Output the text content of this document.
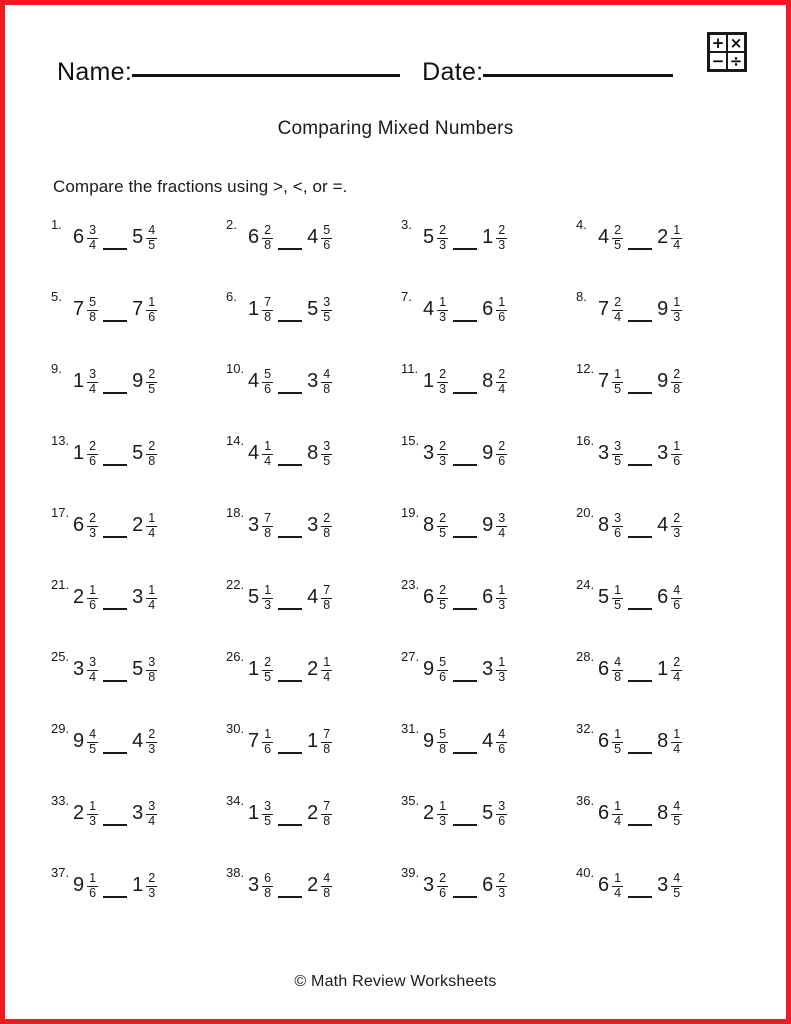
Name:	Date:
+ ×
− ÷
Comparing Mixed Numbers
Compare the fractions using >, <, or =.
1.
$6 \frac{3}{4} 5 \frac{4}{5}$	2.
$6 \frac{2}{8} 4 \frac{5}{6}$	3.
$5 \frac{2}{3} 1 \frac{2}{3}$	4.
$4 \frac{2}{5} 2 \frac{1}{4}$
5.
$7 \frac{5}{8} 7 \frac{1}{6}$	6.
$1 \frac{7}{8} 5 \frac{3}{5}$	7.
$4 \frac{1}{3} 6 \frac{1}{6}$	8.
$7 \frac{2}{4} 9 \frac{1}{3}$
9.
$1 \frac{3}{4} 9 \frac{2}{5}$	10.
$4 \frac{5}{6} 3 \frac{4}{8}$	11.
$1 \frac{2}{3} 8 \frac{2}{4}$	12.
$7 \frac{1}{5} 9 \frac{2}{8}$
13.
$1 \frac{2}{6} 5 \frac{2}{8}$	14.
$4 \frac{1}{4} 8 \frac{3}{5}$	15.
$3 \frac{2}{3} 9 \frac{2}{6}$	16.
$3 \frac{3}{5} 3 \frac{1}{6}$
17.
$6 \frac{2}{3} 2 \frac{1}{4}$	18.
$3 \frac{7}{8} 3 \frac{2}{8}$	19.
$8 \frac{2}{5} 9 \frac{3}{4}$	20.
$8 \frac{3}{6} 4 \frac{2}{3}$
21.
$2 \frac{1}{6} 3 \frac{1}{4}$	22.
$5 \frac{1}{3} 4 \frac{7}{8}$	23.
$6 \frac{2}{5} 6 \frac{1}{3}$	24.
$5 \frac{1}{5} 6 \frac{4}{6}$
25.
$3 \frac{3}{4} 5 \frac{3}{8}$	26.
$1 \frac{2}{5} 2 \frac{1}{4}$	27.
$9 \frac{5}{6} 3 \frac{1}{3}$	28.
$6 \frac{4}{8} 1 \frac{2}{4}$
29.
$9 \frac{4}{5} 4 \frac{2}{3}$	30.
$7 \frac{1}{6} 1 \frac{7}{8}$	31.
$9 \frac{5}{8} 4 \frac{4}{6}$	32.
$6 \frac{1}{5} 8 \frac{1}{4}$
33.
$2 \frac{1}{3} 3 \frac{3}{4}$	34.
$1 \frac{3}{5} 2 \frac{7}{8}$	35.
$2 \frac{1}{3} 5 \frac{3}{6}$	36.
$6 \frac{1}{4} 8 \frac{4}{5}$
37.
$9 \frac{1}{6} 1 \frac{2}{3}$	38.
$3 \frac{6}{8} 2 \frac{4}{8}$	39.
$3 \frac{2}{6} 6 \frac{2}{3}$	40.
$6 \frac{1}{4} 3 \frac{4}{5}$
© Math Review Worksheets
